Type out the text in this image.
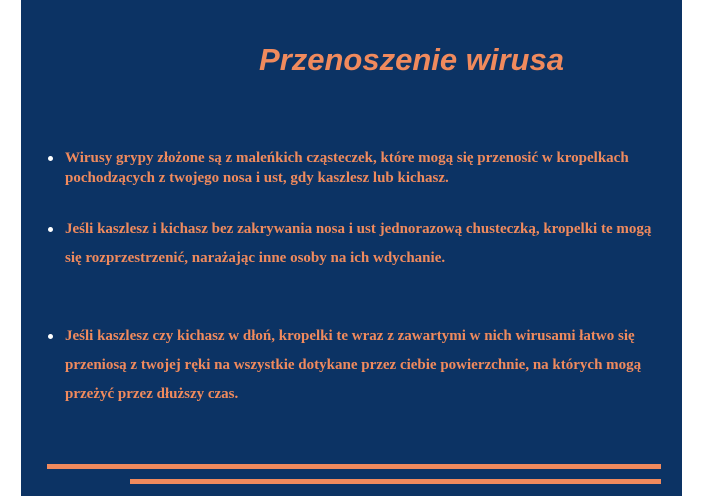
Przenoszenie wirusa
Wirusy grypy złożone są z maleńkich cząsteczek, które mogą się przenosić w kropelkach pochodzących z twojego nosa i ust, gdy kaszlesz lub kichasz.
Jeśli kaszlesz i kichasz bez zakrywania nosa i ust jednorazową chusteczką, kropelki te mogą się rozprzestrzenić, narażając inne osoby na ich wdychanie.
Jeśli kaszlesz czy kichasz w dłoń, kropelki te wraz z zawartymi w nich wirusami łatwo się przeniosą z twojej ręki na wszystkie dotykane przez ciebie powierzchnie, na których mogą przeżyć przez dłuższy czas.
